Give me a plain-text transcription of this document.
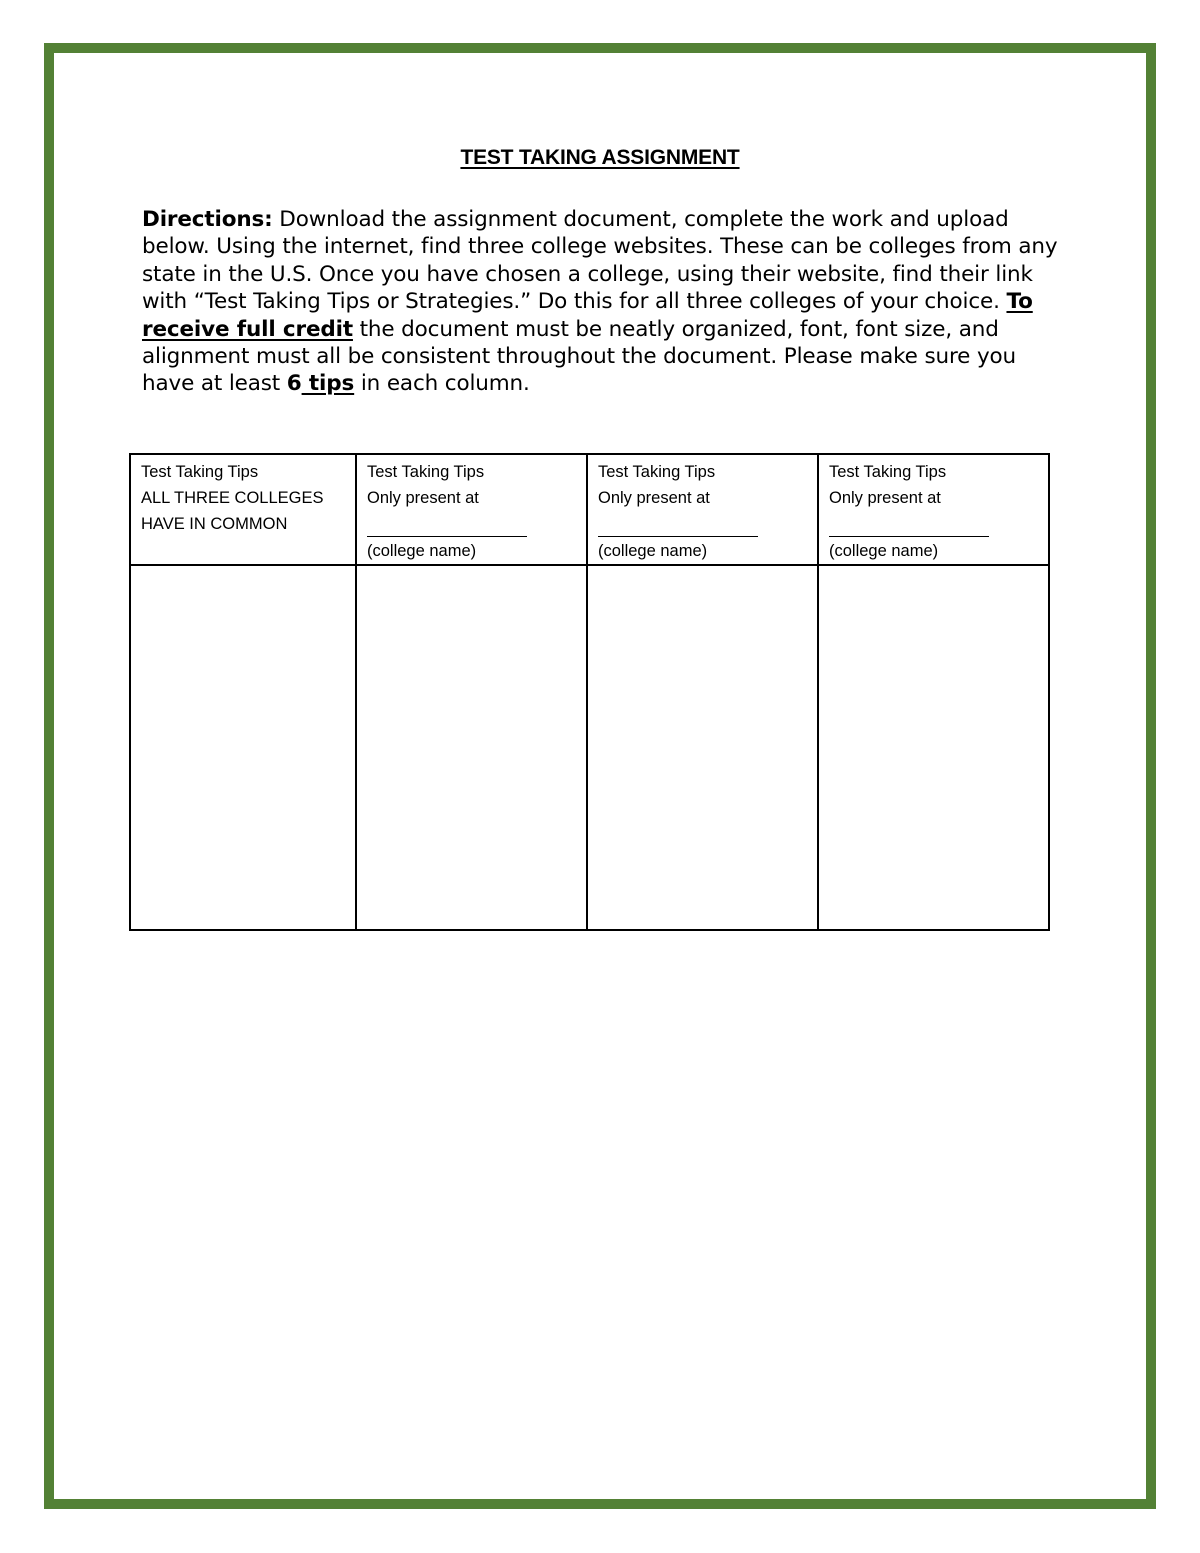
TEST TAKING ASSIGNMENT

Directions: Download the assignment document, complete the work and upload below. Using the internet, find three college websites. These can be colleges from any state in the U.S. Once you have chosen a college, using their website, find their link with “Test Taking Tips or Strategies.” Do this for all three colleges of your choice. To receive full credit the document must be neatly organized, font, font size, and alignment must all be consistent throughout the document. Please make sure you have at least 6 tips in each column.

Test Taking Tips
ALL THREE COLLEGES
HAVE IN COMMON	Test Taking Tips
Only present at
(college name)	Test Taking Tips
Only present at
(college name)	Test Taking Tips
Only present at
(college name)
